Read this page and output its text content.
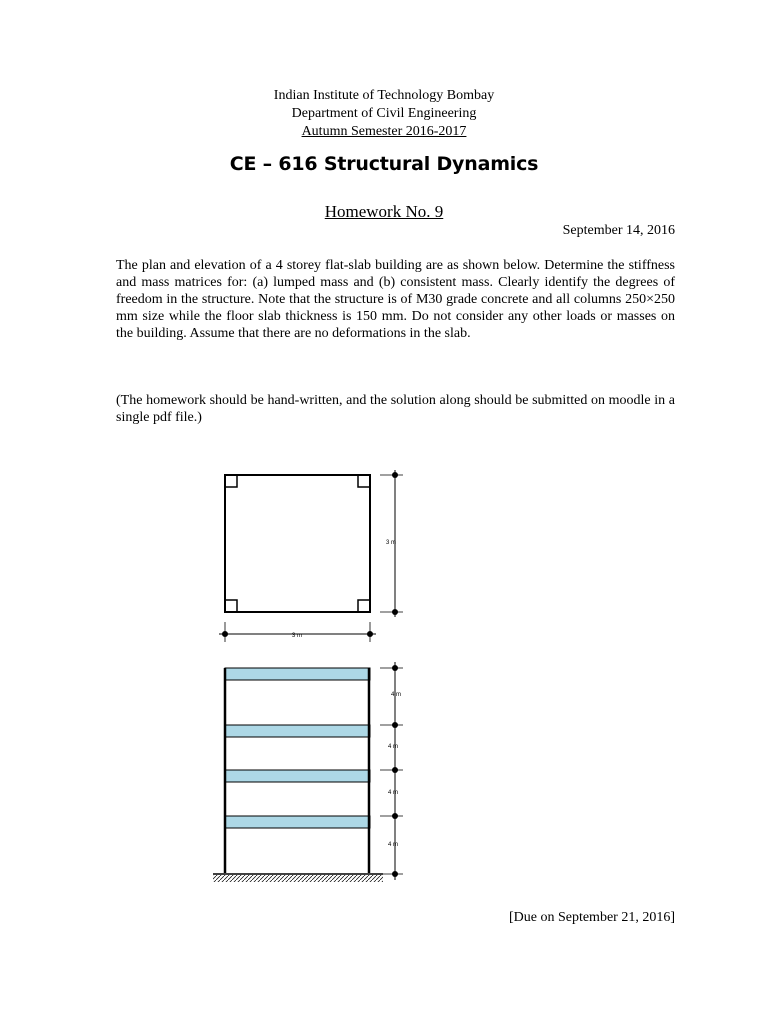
Indian Institute of Technology Bombay
Department of Civil Engineering
Autumn Semester 2016-2017
CE – 616 Structural Dynamics
Homework No. 9
September 14, 2016
The plan and elevation of a 4 storey flat-slab building are as shown below. Determine the stiffness and mass matrices for: (a) lumped mass and (b) consistent mass. Clearly identify the degrees of freedom in the structure. Note that the structure is of M30 grade concrete and all columns 250×250 mm size while the floor slab thickness is 150 mm. Do not consider any other loads or masses on the building. Assume that there are no deformations in the slab.
(The homework should be hand-written, and the solution along should be submitted on moodle in a single pdf file.)
3 m
3 m
4 m
4 m
4 m
4 m
[Due on September 21, 2016]
